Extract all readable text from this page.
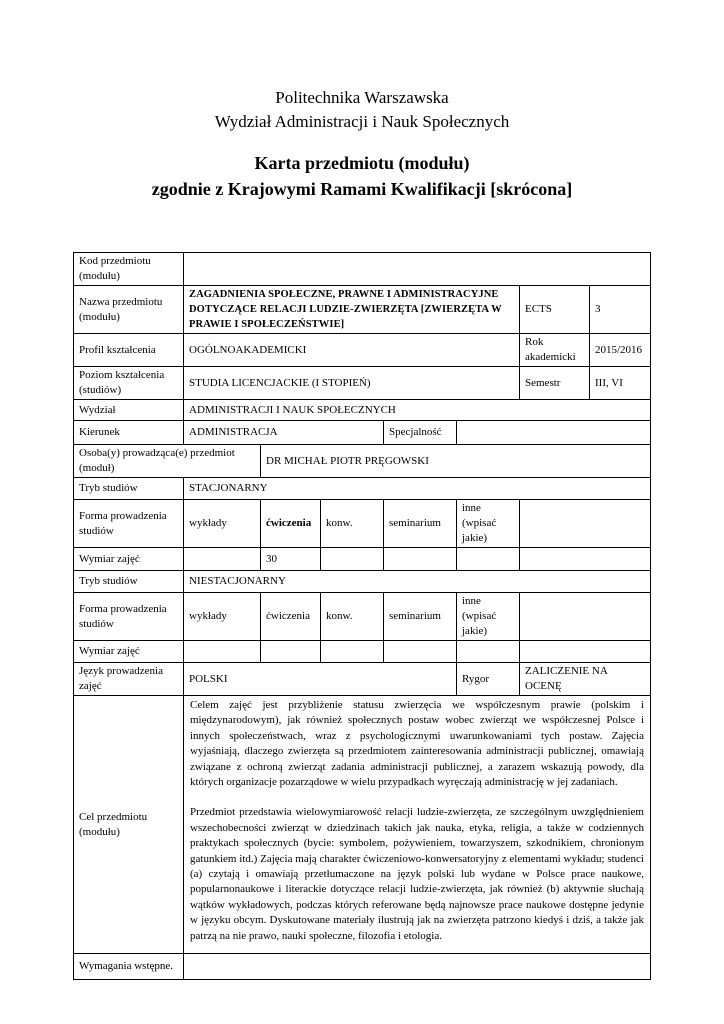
Politechnika Warszawska
Wydział Administracji i Nauk Społecznych
Karta przedmiotu (modułu)
zgodnie z Krajowymi Ramami Kwalifikacji [skrócona]
Kod przedmiotu (modułu)							
Nazwa przedmiotu (modułu)	ZAGADNIENIA SPOŁECZNE, PRAWNE I ADMINISTRACYJNE DOTYCZĄCE RELACJI LUDZIE-ZWIERZĘTA [ZWIERZĘTA W PRAWIE I SPOŁECZEŃSTWIE]					ECTS	3
Profil kształcenia	OGÓLNOAKADEMICKI					Rok akademicki	2015/2016
Poziom kształcenia (studiów)	STUDIA LICENCJACKIE (I STOPIEŃ)					Semestr	III, VI
Wydział	ADMINISTRACJI I NAUK SPOŁECZNYCH						
Kierunek	ADMINISTRACJA			Specjalność			
Osoba(y) prowadząca(e) przedmiot (moduł)		DR MICHAŁ PIOTR PRĘGOWSKI					
Tryb studiów	STACJONARNY						
Forma prowadzenia studiów	wykłady	ćwiczenia	konw.	seminarium	inne (wpisać jakie)		
Wymiar zajęć		30					
Tryb studiów	NIESTACJONARNY						
Forma prowadzenia studiów	wykłady	ćwiczenia	konw.	seminarium	inne (wpisać jakie)		
Wymiar zajęć							
Język prowadzenia zajęć	POLSKI				Rygor	ZALICZENIE NA OCENĘ	
Cel przedmiotu (modułu)	Celem zajęć jest przybliżenie statusu zwierzęcia we współczesnym prawie (polskim i międzynarodowym), jak również społecznych postaw wobec zwierząt we współczesnej Polsce i innych społeczeństwach, wraz z psychologicznymi uwarunkowaniami tych postaw. Zajęcia wyjaśniają, dlaczego zwierzęta są przedmiotem zainteresowania administracji publicznej, omawiają związane z ochroną zwierząt zadania administracji publicznej, a zarazem wskazują powody, dla których organizacje pozarządowe w wielu przypadkach wyręczają administrację w jej zadaniach.

Przedmiot przedstawia wielowymiarowość relacji ludzie-zwierzęta, ze szczególnym uwzględnieniem wszechobecności zwierząt w dziedzinach takich jak nauka, etyka, religia, a także w codziennych praktykach społecznych (bycie: symbolem, pożywieniem, towarzyszem, szkodnikiem, chronionym gatunkiem itd.) Zajęcia mają charakter ćwiczeniowo-konwersatoryjny z elementami wykładu; studenci (a) czytają i omawiają przetłumaczone na język polski lub wydane w Polsce prace naukowe, popularnonaukowe i literackie dotyczące relacji ludzie-zwierzęta, jak również (b) aktywnie słuchają wątków wykładowych, podczas których referowane będą najnowsze prace naukowe dostępne jedynie w języku obcym. Dyskutowane materiały ilustrują jak na zwierzęta patrzono kiedyś i dziś, a także jak patrzą na nie prawo, nauki społeczne, filozofia i etologia.						

Wymagania wstępne.							
